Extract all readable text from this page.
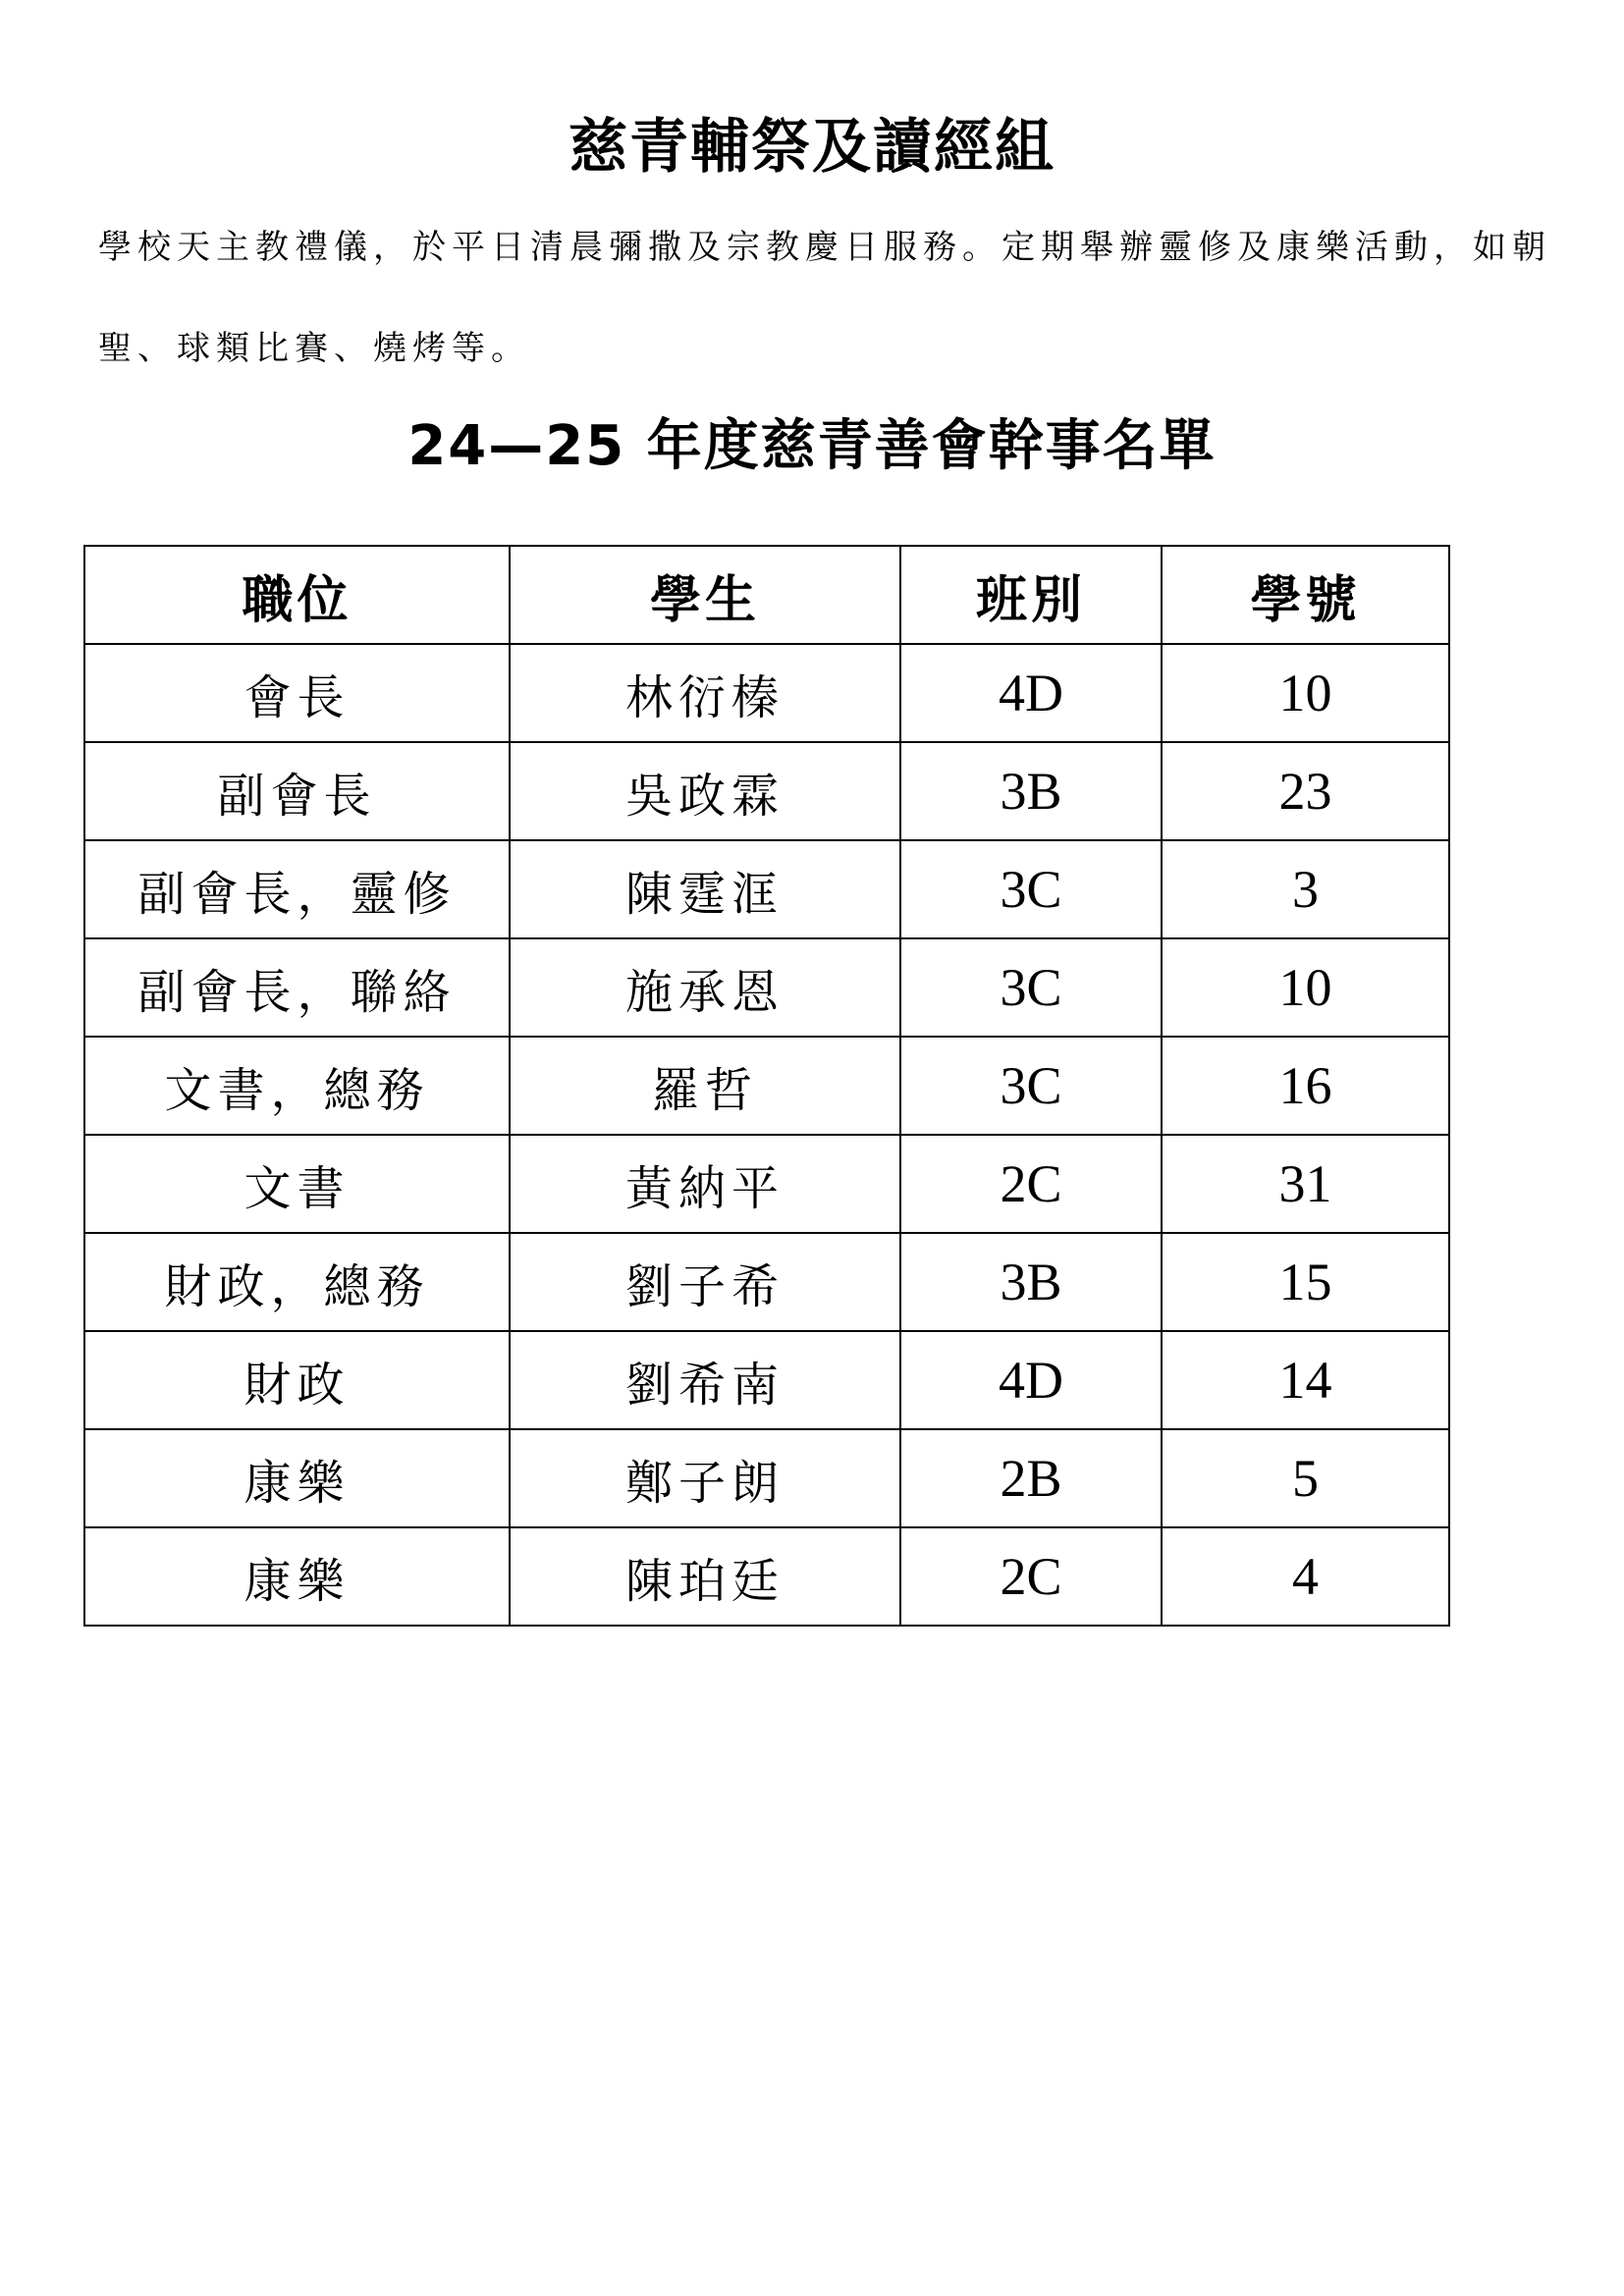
慈青輔祭及讀經組
學校天主教禮儀，於平日清晨彌撒及宗教慶日服務。定期舉辦靈修及康樂活動，如朝
聖、球類比賽、燒烤等。
24—25 年度慈青善會幹事名單
職位	學生	班別	學號
會長	林衍榛	4D	10
副會長	吳政霖	3B	23
副會長，靈修	陳霆洭	3C	3
副會長，聯絡	施承恩	3C	10
文書，總務	羅哲	3C	16
文書	黃納平	2C	31
財政，總務	劉子希	3B	15
財政	劉希南	4D	14
康樂	鄭子朗	2B	5
康樂	陳珀廷	2C	4
